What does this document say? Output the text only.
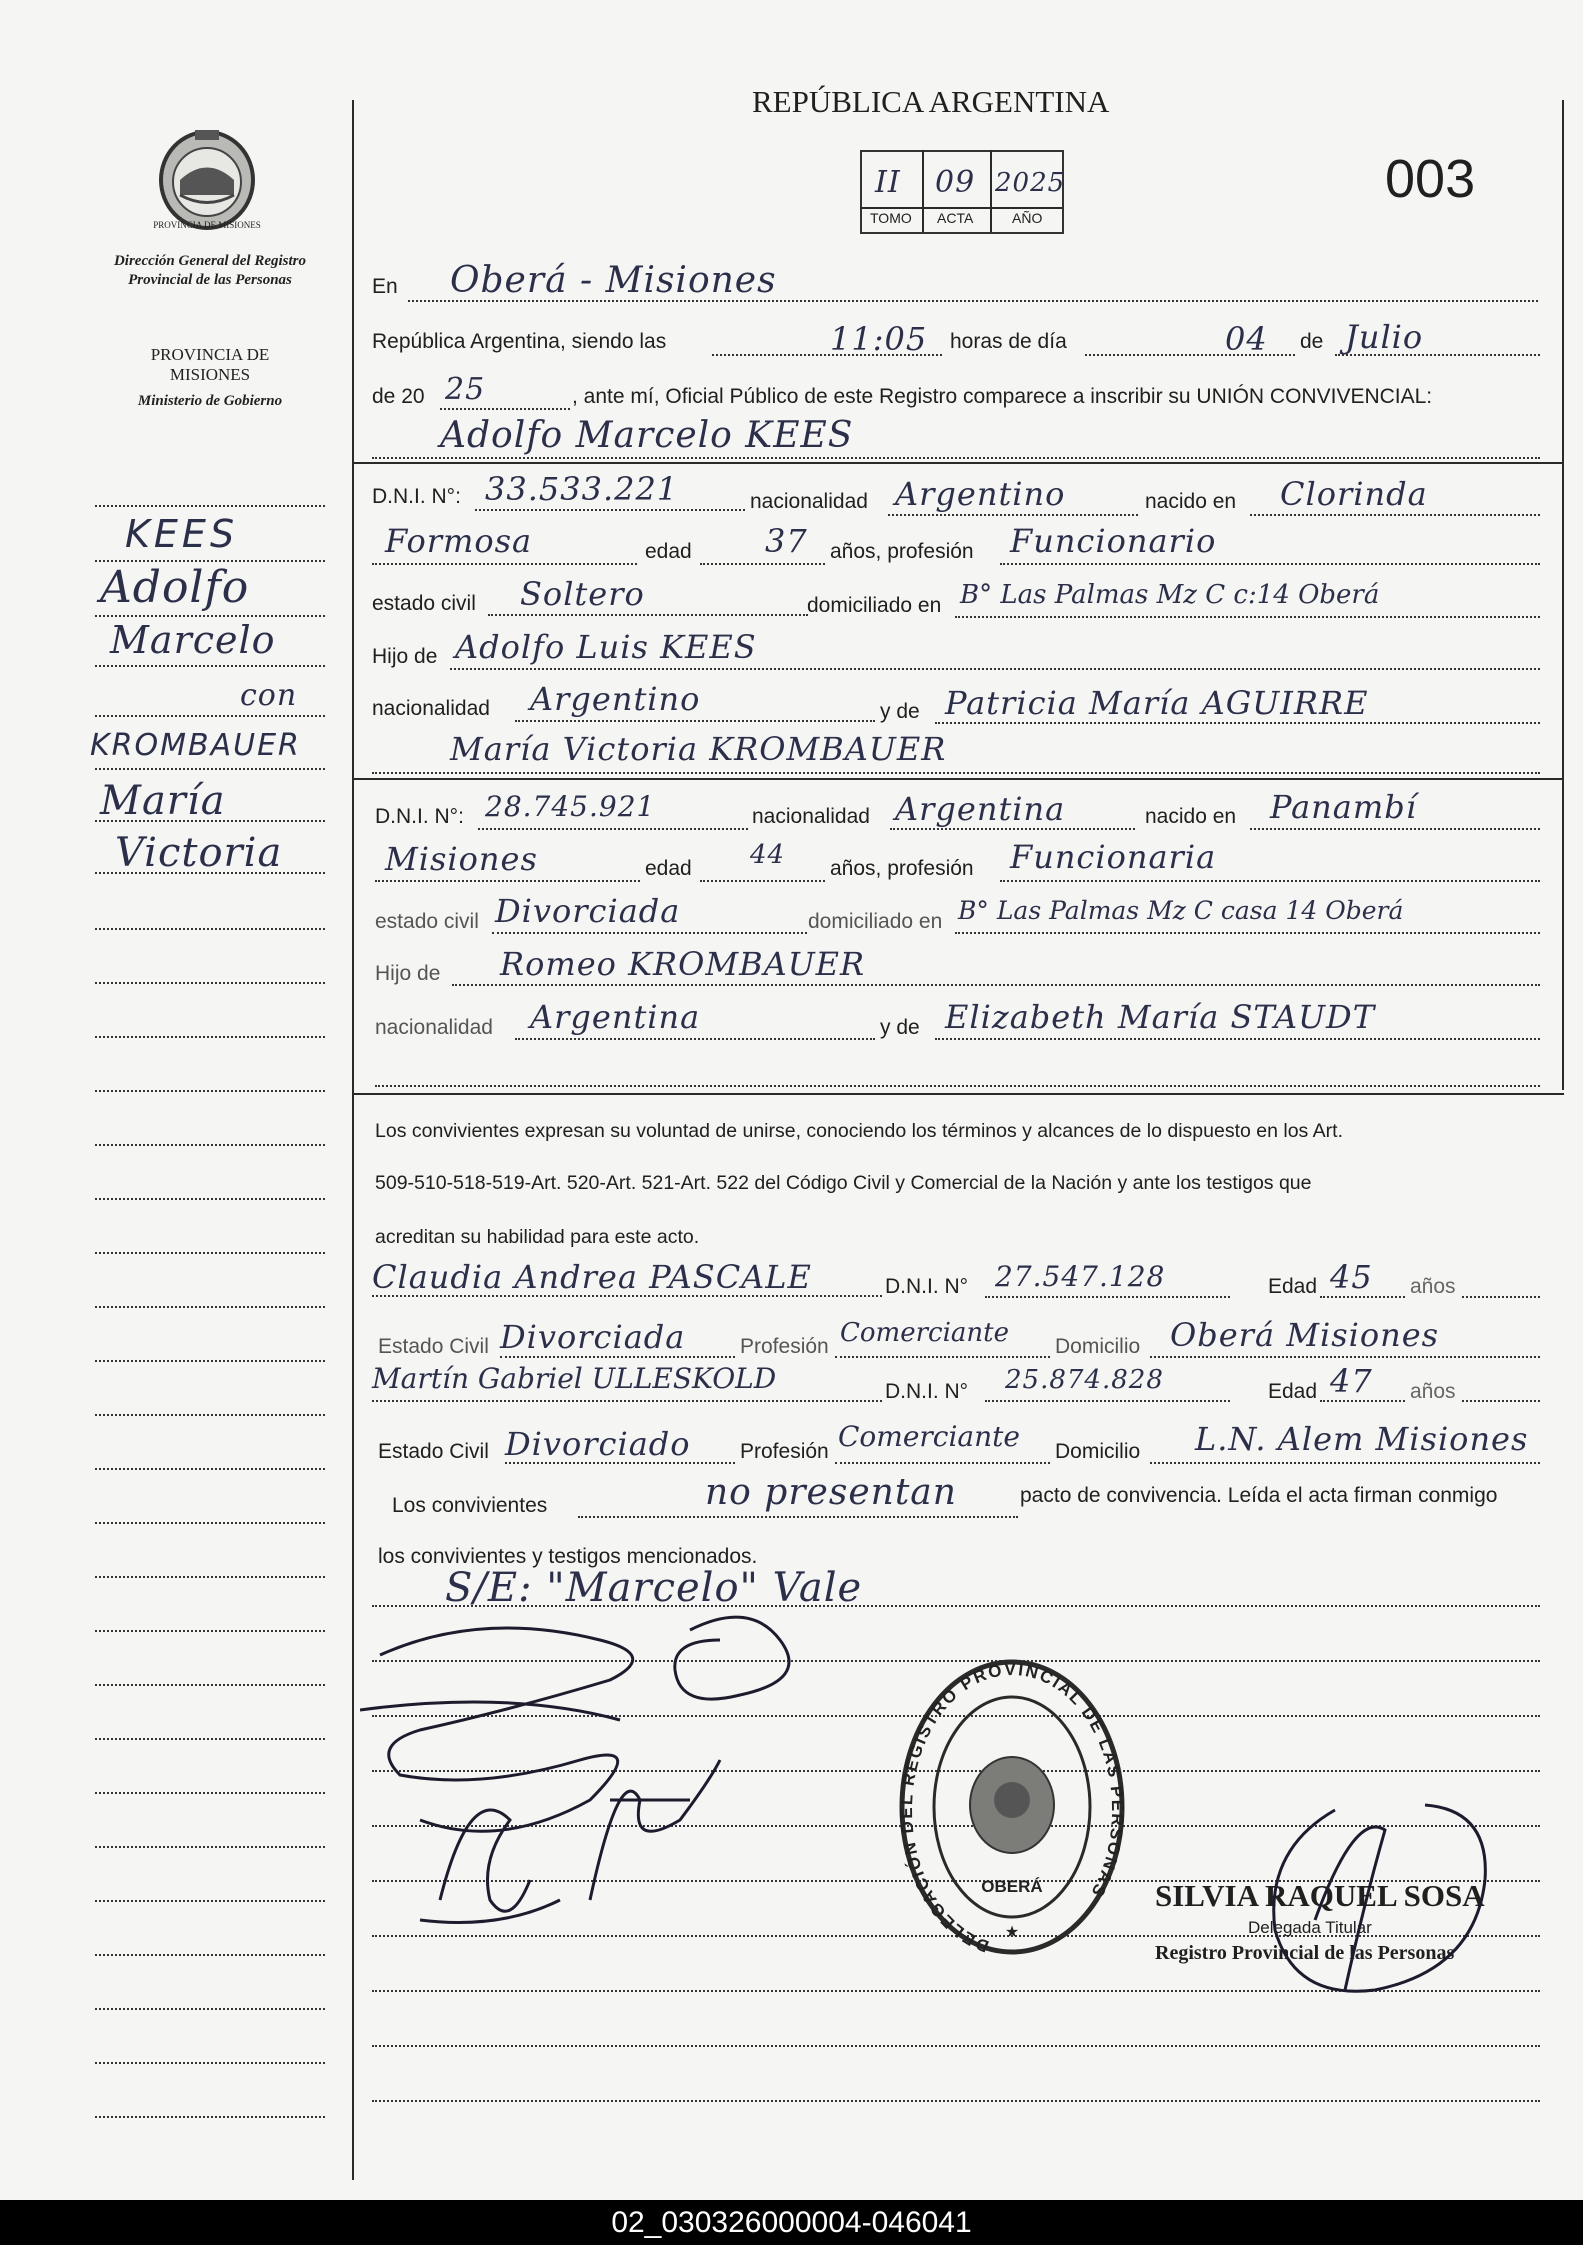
PROVINCIA DE MISIONES
Dirección General del Registro Provincial de las Personas
PROVINCIA DE MISIONES
Ministerio de Gobierno
KEES
Adolfo
Marcelo
con
KROMBAUER
María
Victoria
REPÚBLICA ARGENTINA
II 09 2025
TOMO ACTA	AÑO
003
En Oberá - Misiones
República Argentina, siendo las	11:05 horas de día	04 de Julio
de 20 25	, ante mí, Oficial Público de este Registro comparece a inscribir su UNIÓN CONVIVENCIAL:
Adolfo Marcelo KEES
D.N.I. N°: 33.533.221	nacionalidad Argentino	nacido en Clorinda
Formosa	edad 37 años, profesión Funcionario
estado civil Soltero	domiciliado en B° Las Palmas Mz C c:14 Oberá
Hijo de Adolfo Luis KEES
nacionalidad Argentino	y de Patricia María AGUIRRE
María Victoria KROMBAUER
D.N.I. N°: 28.745.921	nacionalidad Argentina	nacido en Panambí
Misiones	edad 44 años, profesión Funcionaria
estado civil Divorciada	domiciliado en B° Las Palmas Mz C casa 14 Oberá
Hijo de Romeo KROMBAUER
nacionalidad Argentina	y de Elizabeth María STAUDT
Los convivientes expresan su voluntad de unirse, conociendo los términos y alcances de lo dispuesto en los Art.
509-510-518-519-Art. 520-Art. 521-Art. 522 del Código Civil y Comercial de la Nación y ante los testigos que
acreditan su habilidad para este acto.
Claudia Andrea PASCALE	D.N.I. N° 27.547.128	Edad 45 años
Estado Civil Divorciada	Profesión Comerciante Domicilio Oberá Misiones
Martín Gabriel ULLESKOLD	D.N.I. N° 25.874.828	Edad 47 años
Estado Civil Divorciado Profesión Comerciante Domicilio L.N. Alem Misiones
Los convivientes	no presentan	pacto de convivencia. Leída el acta firman conmigo
los convivientes y testigos mencionados.
S/E: "Marcelo" Vale
DELEGACIÓN DEL REGISTRO PROVINCIAL DE LAS PERSONAS
OBERÁ
★
SILVIA RAQUEL SOSA
Delegada Titular
Registro Provincial de las Personas
02_030326000004-046041
